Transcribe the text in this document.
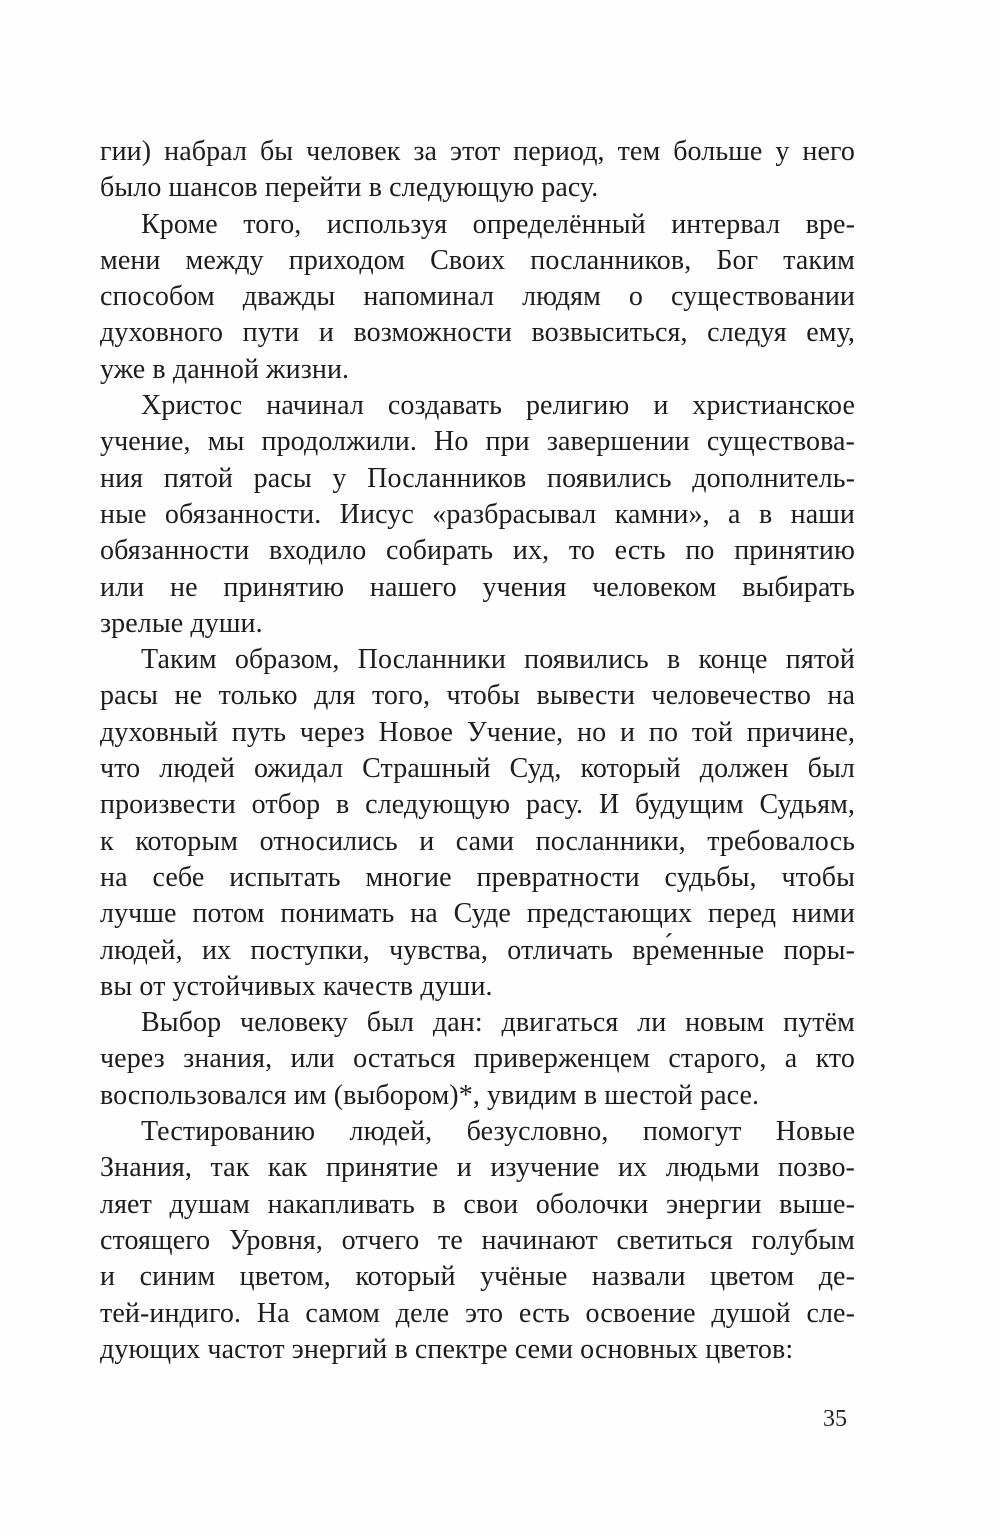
гии) набрал бы человек за этот период, тем больше у него
было шансов перейти в следующую расу.
Кроме того, используя определённый интервал вре-
мени между приходом Своих посланников, Бог таким
способом дважды напоминал людям о существовании
духовного пути и возможности возвыситься, следуя ему,
уже в данной жизни.
Христос начинал создавать религию и христианское
учение, мы продолжили. Но при завершении существова-
ния пятой расы у Посланников появились дополнитель-
ные обязанности. Иисус «разбрасывал камни», а в наши
обязанности входило собирать их, то есть по принятию
или не принятию нашего учения человеком выбирать
зрелые души.
Таким образом, Посланники появились в конце пятой
расы не только для того, чтобы вывести человечество на
духовный путь через Новое Учение, но и по той причине,
что людей ожидал Страшный Суд, который должен был
произвести отбор в следующую расу. И будущим Судьям,
к которым относились и сами посланники, требовалось
на себе испытать многие превратности судьбы, чтобы
лучше потом понимать на Суде предстающих перед ними
людей, их поступки, чувства, отличать вре́менные поры-
вы от устойчивых качеств души.
Выбор человеку был дан: двигаться ли новым путём
через знания, или остаться приверженцем старого, а кто
воспользовался им (выбором)*, увидим в шестой расе.
Тестированию людей, безусловно, помогут Новые
Знания, так как принятие и изучение их людьми позво-
ляет душам накапливать в свои оболочки энергии выше-
стоящего Уровня, отчего те начинают светиться голубым
и синим цветом, который учёные назвали цветом де-
тей-индиго. На самом деле это есть освоение душой сле-
дующих частот энергий в спектре семи основных цветов:
35
